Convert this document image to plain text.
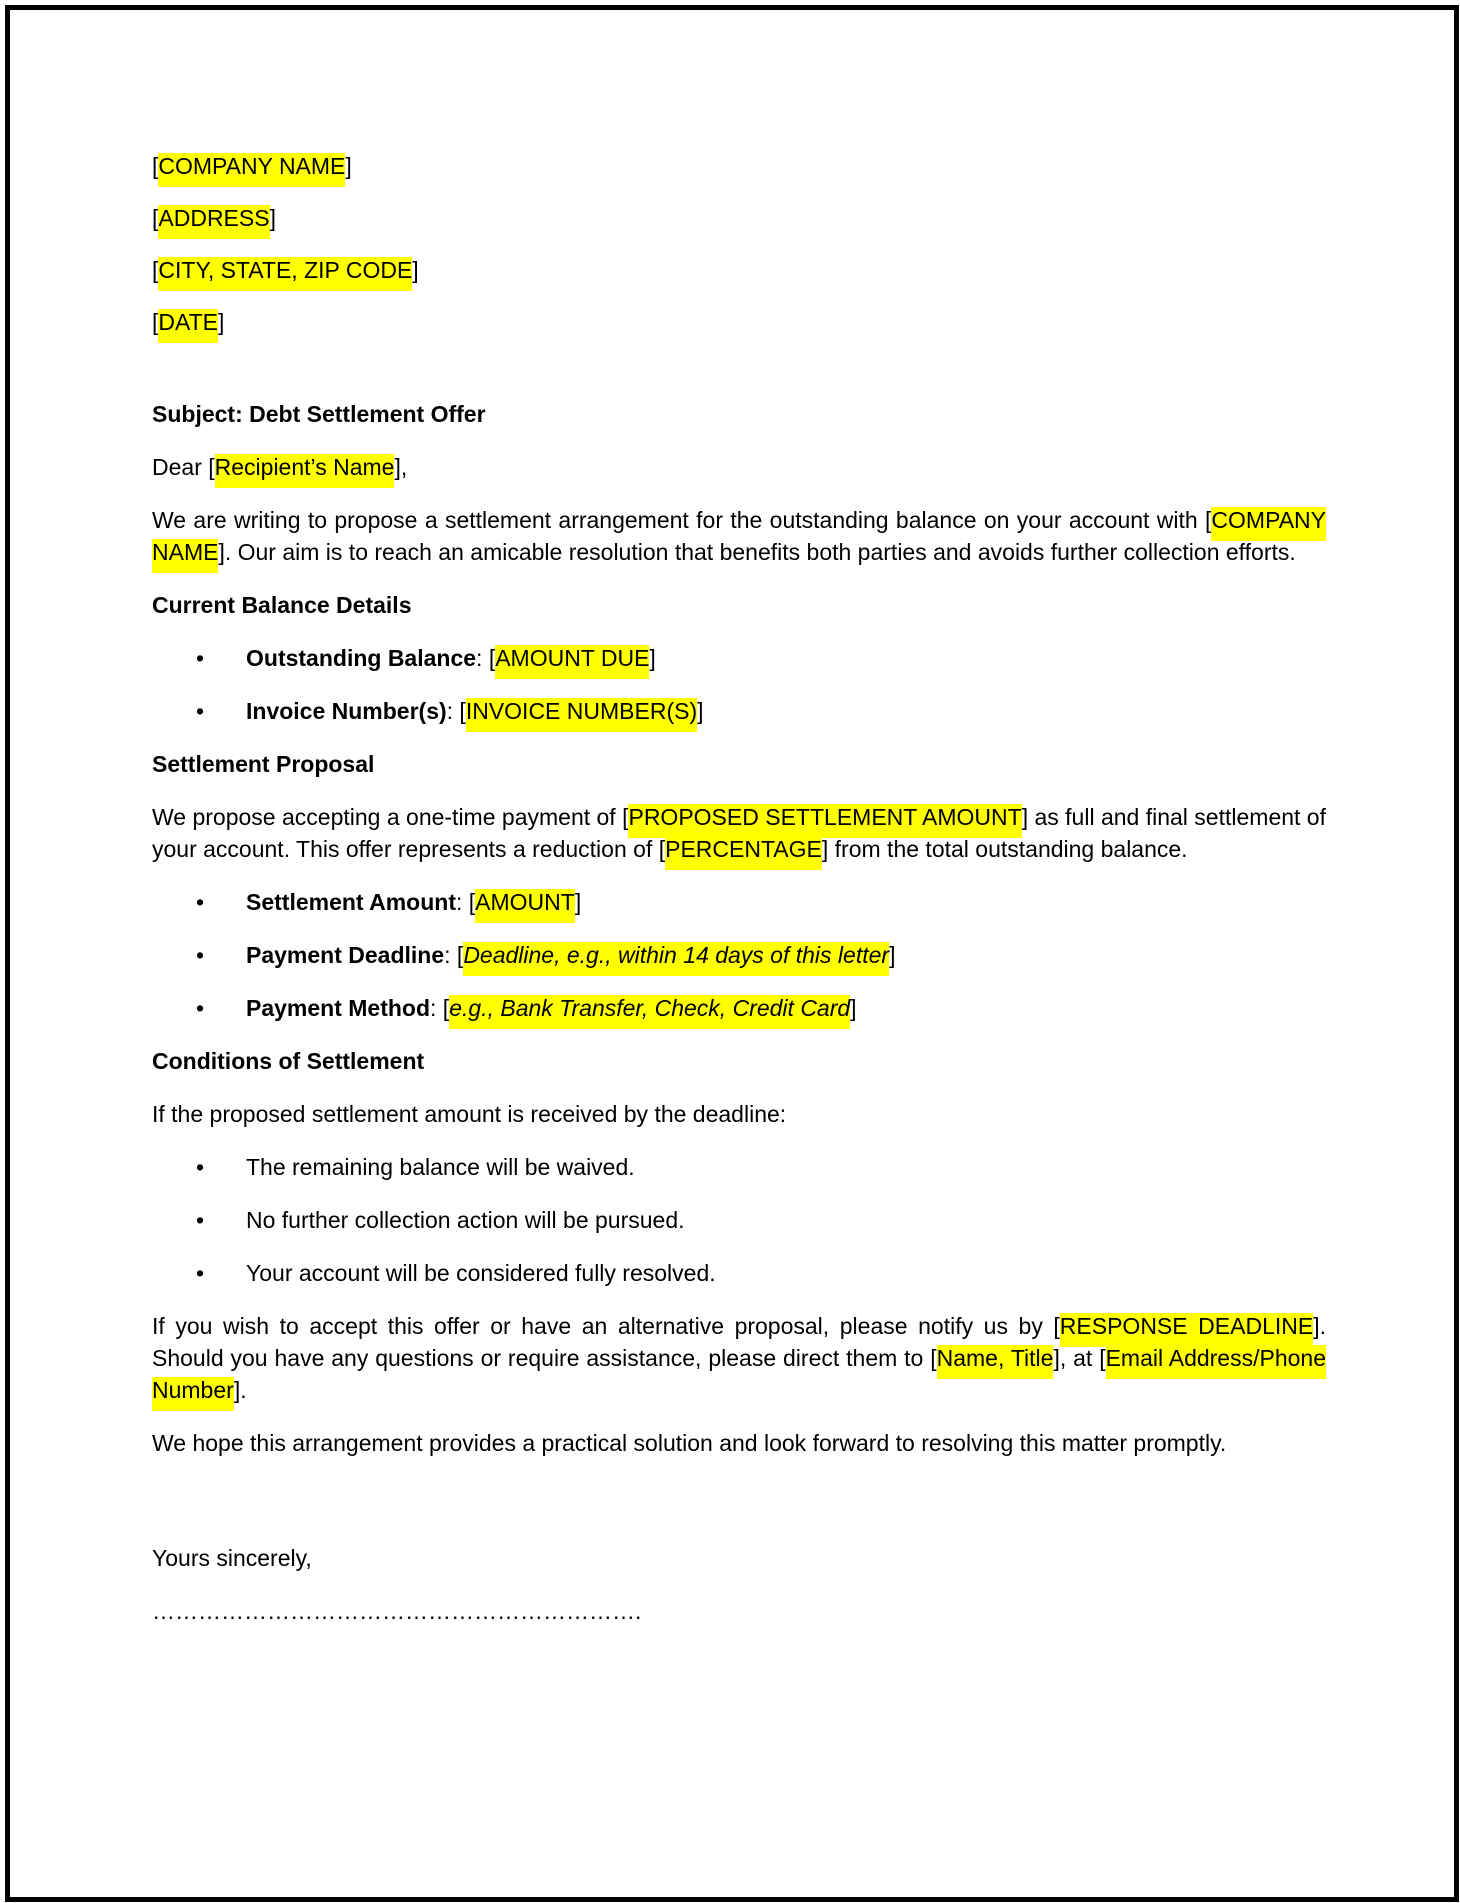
[COMPANY NAME]

[ADDRESS]

[CITY, STATE, ZIP CODE]

[DATE]

Subject: Debt Settlement Offer

Dear [Recipient’s Name],

We are writing to propose a settlement arrangement for the outstanding balance on your account with [COMPANY NAME]. Our aim is to reach an amicable resolution that benefits both parties and avoids further collection efforts.

Current Balance Details

• Outstanding Balance: [AMOUNT DUE]
• Invoice Number(s): [INVOICE NUMBER(S)]

Settlement Proposal

We propose accepting a one-time payment of [PROPOSED SETTLEMENT AMOUNT] as full and final settlement of your account. This offer represents a reduction of [PERCENTAGE] from the total outstanding balance.

• Settlement Amount: [AMOUNT]
• Payment Deadline: [Deadline, e.g., within 14 days of this letter]
• Payment Method: [e.g., Bank Transfer, Check, Credit Card]

Conditions of Settlement

If the proposed settlement amount is received by the deadline:

• The remaining balance will be waived.
• No further collection action will be pursued.
• Your account will be considered fully resolved.

If you wish to accept this offer or have an alternative proposal, please notify us by [RESPONSE DEADLINE]. Should you have any questions or require assistance, please direct them to [Name, Title], at [Email Address/Phone Number].

We hope this arrangement provides a practical solution and look forward to resolving this matter promptly.

Yours sincerely,

……………………………………………………….
